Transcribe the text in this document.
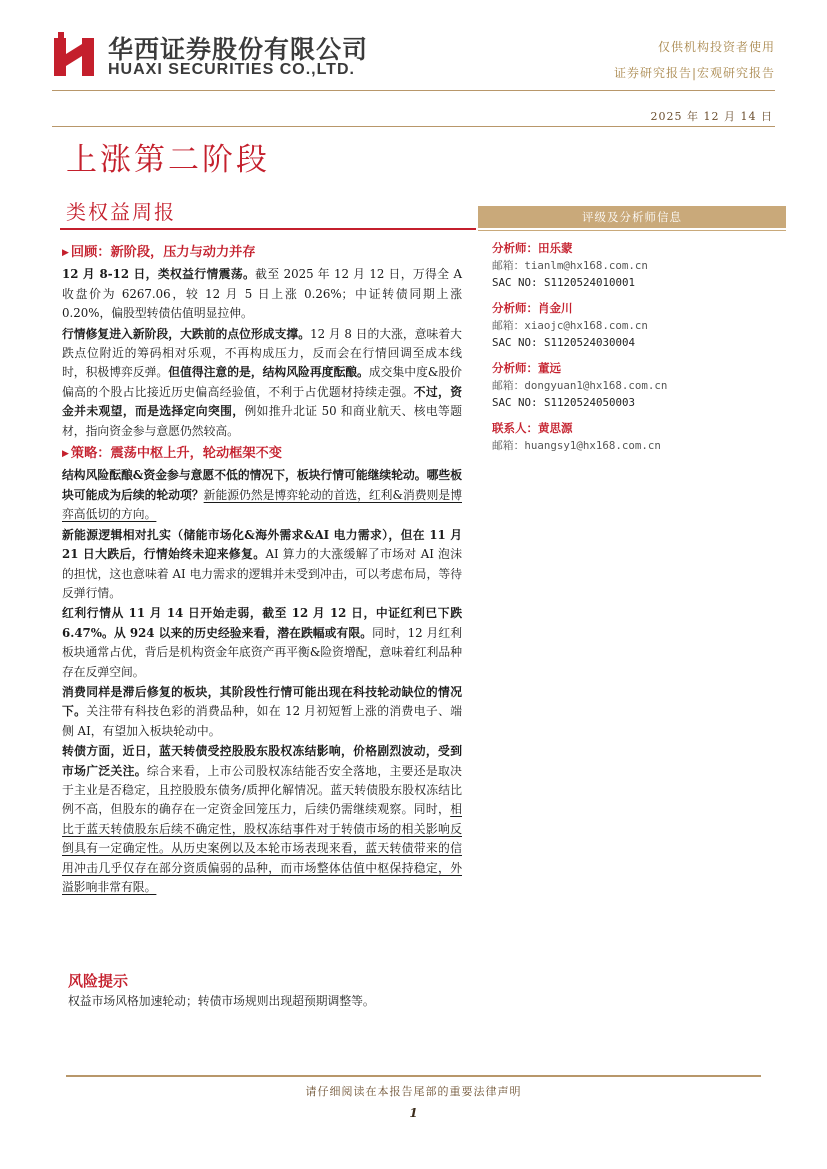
华西证券股份有限公司
HUAXI SECURITIES CO.,LTD.
仅供机构投资者使用
证券研究报告|宏观研究报告
2025 年 12 月 14 日
上涨第二阶段
类权益周报
▶ 回顾：新阶段，压力与动力并存

12 月 8-12 日，类权益行情震荡。截至 2025 年 12 月 12 日，万得全 A 收盘价为 6267.06，较 12 月 5 日上涨 0.26%；中证转债同期上涨 0.20%，偏股型转债估值明显拉伸。

行情修复进入新阶段，大跌前的点位形成支撑。12 月 8 日的大涨，意味着大跌点位附近的筹码相对乐观，不再构成压力，反而会在行情回调至成本线时，积极博弈反弹。但值得注意的是，结构风险再度酝酿。成交集中度&股价偏高的个股占比接近历史偏高经验值，不利于占优题材持续走强。不过，资金并未观望，而是选择定向突围，例如推升北证 50 和商业航天、核电等题材，指向资金参与意愿仍然较高。

▶ 策略：震荡中枢上升，轮动框架不变

结构风险酝酿&资金参与意愿不低的情况下，板块行情可能继续轮动。哪些板块可能成为后续的轮动项？新能源仍然是博弈轮动的首选，红利&消费则是博弈高低切的方向。

新能源逻辑相对扎实（储能市场化&海外需求&AI 电力需求），但在 11 月 21 日大跌后，行情始终未迎来修复。AI 算力的大涨缓解了市场对 AI 泡沫的担忧，这也意味着 AI 电力需求的逻辑并未受到冲击，可以考虑布局，等待反弹行情。

红利行情从 11 月 14 日开始走弱，截至 12 月 12 日，中证红利已下跌 6.47%。从 924 以来的历史经验来看，潜在跌幅或有限。同时，12 月红利板块通常占优，背后是机构资金年底资产再平衡&险资增配，意味着红利品种存在反弹空间。

消费同样是滞后修复的板块，其阶段性行情可能出现在科技轮动缺位的情况下。关注带有科技色彩的消费品种，如在 12 月初短暂上涨的消费电子、端侧 AI，有望加入板块轮动中。

转债方面，近日，蓝天转债受控股股东股权冻结影响，价格剧烈波动，受到市场广泛关注。综合来看，上市公司股权冻结能否安全落地，主要还是取决于主业是否稳定，且控股股东债务/质押化解情况。蓝天转债股东股权冻结比例不高，但股东的确存在一定资金回笼压力，后续仍需继续观察。同时，相比于蓝天转债股东后续不确定性，股权冻结事件对于转债市场的相关影响反倒具有一定确定性。从历史案例以及本轮市场表现来看，蓝天转债带来的信用冲击几乎仅存在部分资质偏弱的品种，而市场整体估值中枢保持稳定，外溢影响非常有限。

风险提示
权益市场风格加速轮动；转债市场规则出现超预期调整等。
评级及分析师信息
分析师：田乐蒙
邮箱：tianlm@hx168.com.cn
SAC NO: S1120524010001
分析师：肖金川
邮箱：xiaojc@hx168.com.cn
SAC NO: S1120524030004
分析师：董远
邮箱：dongyuan1@hx168.com.cn
SAC NO: S1120524050003
联系人：黄思源
邮箱：huangsy1@hx168.com.cn
请仔细阅读在本报告尾部的重要法律声明
1
